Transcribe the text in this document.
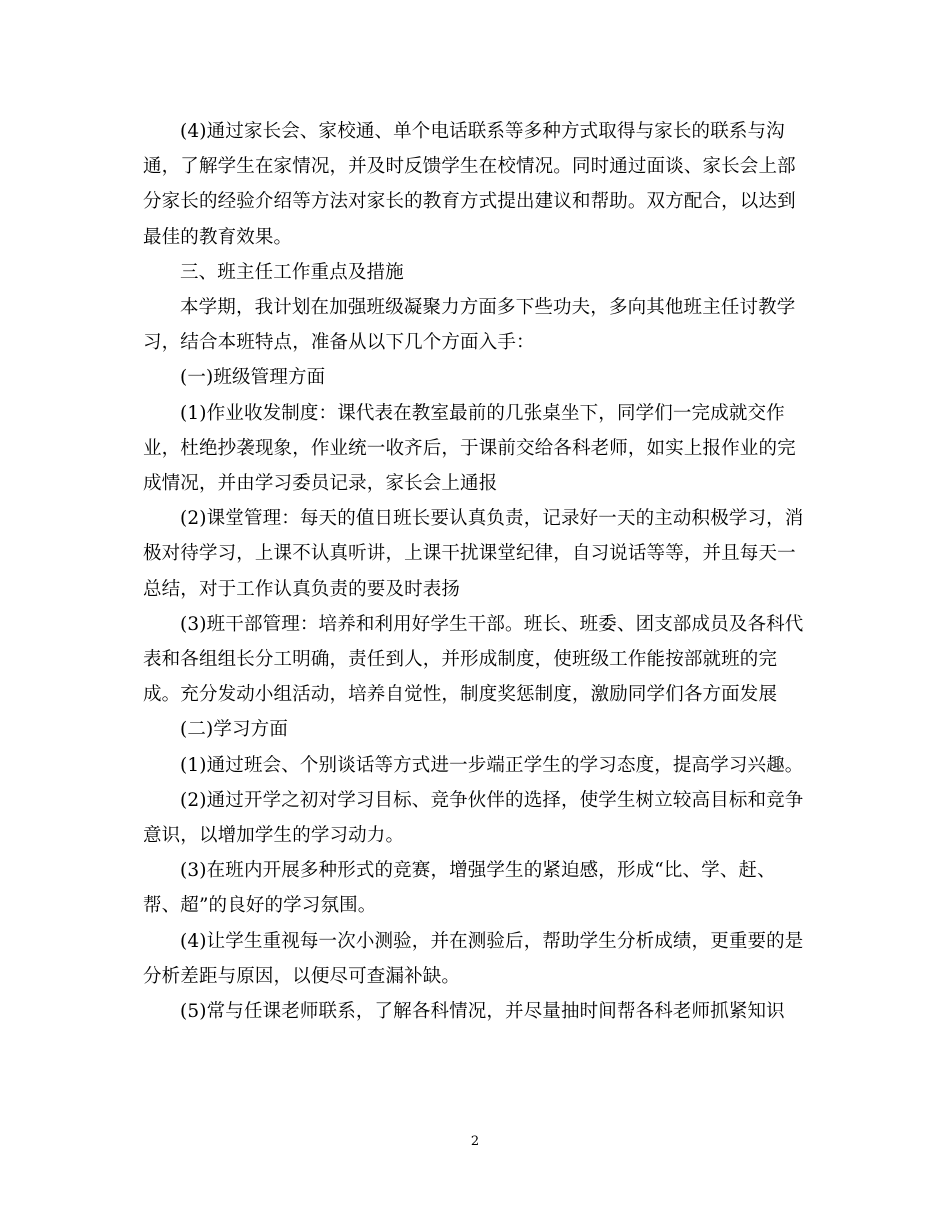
(4)通过家长会、家校通、单个电话联系等多种方式取得与家长的联系与沟通，了解学生在家情况，并及时反馈学生在校情况。同时通过面谈、家长会上部分家长的经验介绍等方法对家长的教育方式提出建议和帮助。双方配合，以达到最佳的教育效果。

三、班主任工作重点及措施

本学期，我计划在加强班级凝聚力方面多下些功夫，多向其他班主任讨教学习，结合本班特点，准备从以下几个方面入手：

(一)班级管理方面

(1)作业收发制度：课代表在教室最前的几张桌坐下，同学们一完成就交作业，杜绝抄袭现象，作业统一收齐后，于课前交给各科老师，如实上报作业的完成情况，并由学习委员记录，家长会上通报

(2)课堂管理：每天的值日班长要认真负责，记录好一天的主动积极学习，消极对待学习，上课不认真听讲，上课干扰课堂纪律，自习说话等等，并且每天一总结，对于工作认真负责的要及时表扬

(3)班干部管理：培养和利用好学生干部。班长、班委、团支部成员及各科代表和各组组长分工明确，责任到人，并形成制度，使班级工作能按部就班的完成。充分发动小组活动，培养自觉性，制度奖惩制度，激励同学们各方面发展

(二)学习方面

(1)通过班会、个别谈话等方式进一步端正学生的学习态度，提高学习兴趣。

(2)通过开学之初对学习目标、竞争伙伴的选择，使学生树立较高目标和竞争意识，以增加学生的学习动力。

(3)在班内开展多种形式的竞赛，增强学生的紧迫感，形成“比、学、赶、帮、超”的良好的学习氛围。

(4)让学生重视每一次小测验，并在测验后，帮助学生分析成绩，更重要的是分析差距与原因，以便尽可查漏补缺。

(5)常与任课老师联系，了解各科情况，并尽量抽时间帮各科老师抓紧知识

2
